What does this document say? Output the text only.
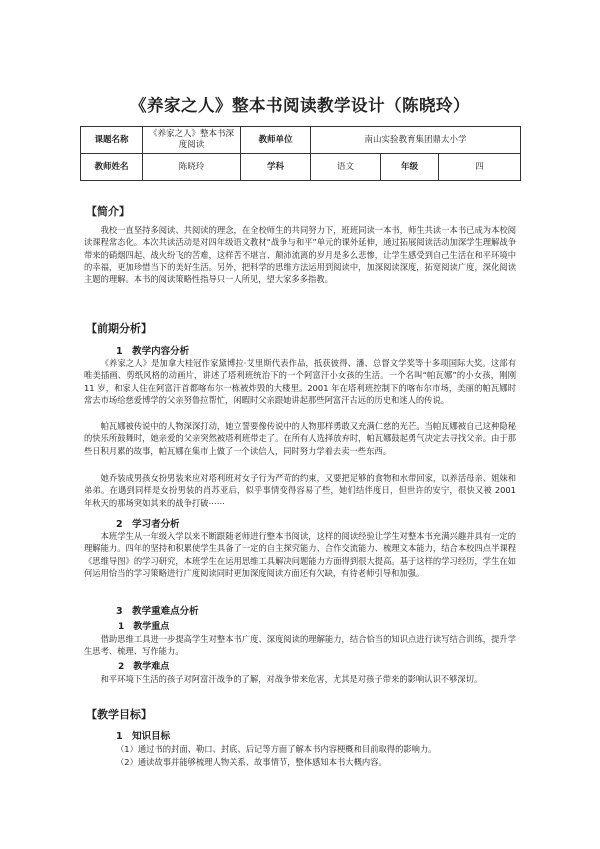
《养家之人》整本书阅读教学设计（陈晓玲）
课题名称	《养家之人》整本书深度阅读	教师单位	南山实验教育集团鼎太小学		
教师姓名	陈晓玲	学科	语文	年级	四
【简介】

我校一直坚持多阅读、共阅读的理念，在全校师生的共同努力下，班班同读一本书，师生共读一本书已成为本校阅读课程常态化。本次共读活动是对四年级语文教材“战争与和平”单元的课外延伸，通过拓展阅读活动加深学生理解战争带来的硝烟四起、战火纷飞的苦难，这样苦不堪言、颠沛流离的岁月是多么悲惨，让学生感受到自己生活在和平环境中的幸福，更加珍惜当下的美好生活。另外，把科学的思维方法运用到阅读中，加深阅读深度，拓宽阅读广度，深化阅读主题的理解。本书的阅读策略性指导只一人所见，望大家多多指教。

【前期分析】
1　教学内容分析

《养家之人》是加拿大桂冠作家黛博拉·艾里斯代表作品，抵获彼得、潘、总督文学奖等十多项国际大奖。这部有唯美插画、剪纸风格的动画片，讲述了塔利班统治下的一个阿富汗小女孩的生活。一个名叫“帕瓦娜”的小女孩，刚刚 11 岁，和家人住在阿富汗首都喀布尔一栋被炸毁的大楼里。2001 年在塔利班控制下的喀布尔市场，美丽的帕瓦娜时常去市场给慈爱博学的父亲努鲁拉帮忙，闲暇时父亲跟她讲起那些阿富汗古远的历史和迷人的传说。

帕瓦娜被传说中的人物深深打动，她立誓要像传说中的人物那样勇敢又充满仁慈的光芒。当帕瓦娜被自己这种隐秘的快乐所鼓舞时，她亲爱的父亲突然被塔利班带走了。在所有人选择放弃时，帕瓦娜鼓起勇气决定去寻找父亲。由于那些日积月累的故事，帕瓦娜在集市上做了一个读信人，同时努力学着去卖一些东西。

她乔装成男孩女扮男装来应对塔利班对女子行为严苛的约束，又要把足够的食物和水带回家，以养活母亲、姐妹和弟弟。在遇到同样是女扮男装的肖苏亚后，似乎事情变得容易了些，她们结伴度日，但世许的安宁，很快又被 2001 年秋天的那场突如其来的战争打破⋯⋯

2　学习者分析

本班学生从一年级入学以来不断跟随老师进行整本书阅读，这样的阅读经验让学生对整本书充满兴趣并具有一定的理解能力。四年的坚持和积累使学生具备了一定的自主探究能力、合作交流能力、梳理文本能力，结合本校四点半课程《思维导图》的学习研究，本班学生在运用思维工具解决问题能力方面得到很大提高。基于这样的学习经历，学生在如何运用恰当的学习策略进行广度阅读同时更加深度阅读方面还有欠缺，有待老师引导和加强。

3　教学重难点分析
1　教学重点

借助思维工具进一步提高学生对整本书广度、深度阅读的理解能力，结合恰当的知识点进行读写结合训练，提升学生思考、梳理、写作能力。

2　教学难点

和平环境下生活的孩子对阿富汗战争的了解，对战争带来危害，尤其是对孩子带来的影响认识不够深切。

【教学目标】
1　知识目标
（1）通过书的封面、勒口、封底、后记等方面了解本书内容梗概和目前取得的影响力。
（2）通读故事并能够梳理人物关系、故事情节，整体感知本书大概内容。
